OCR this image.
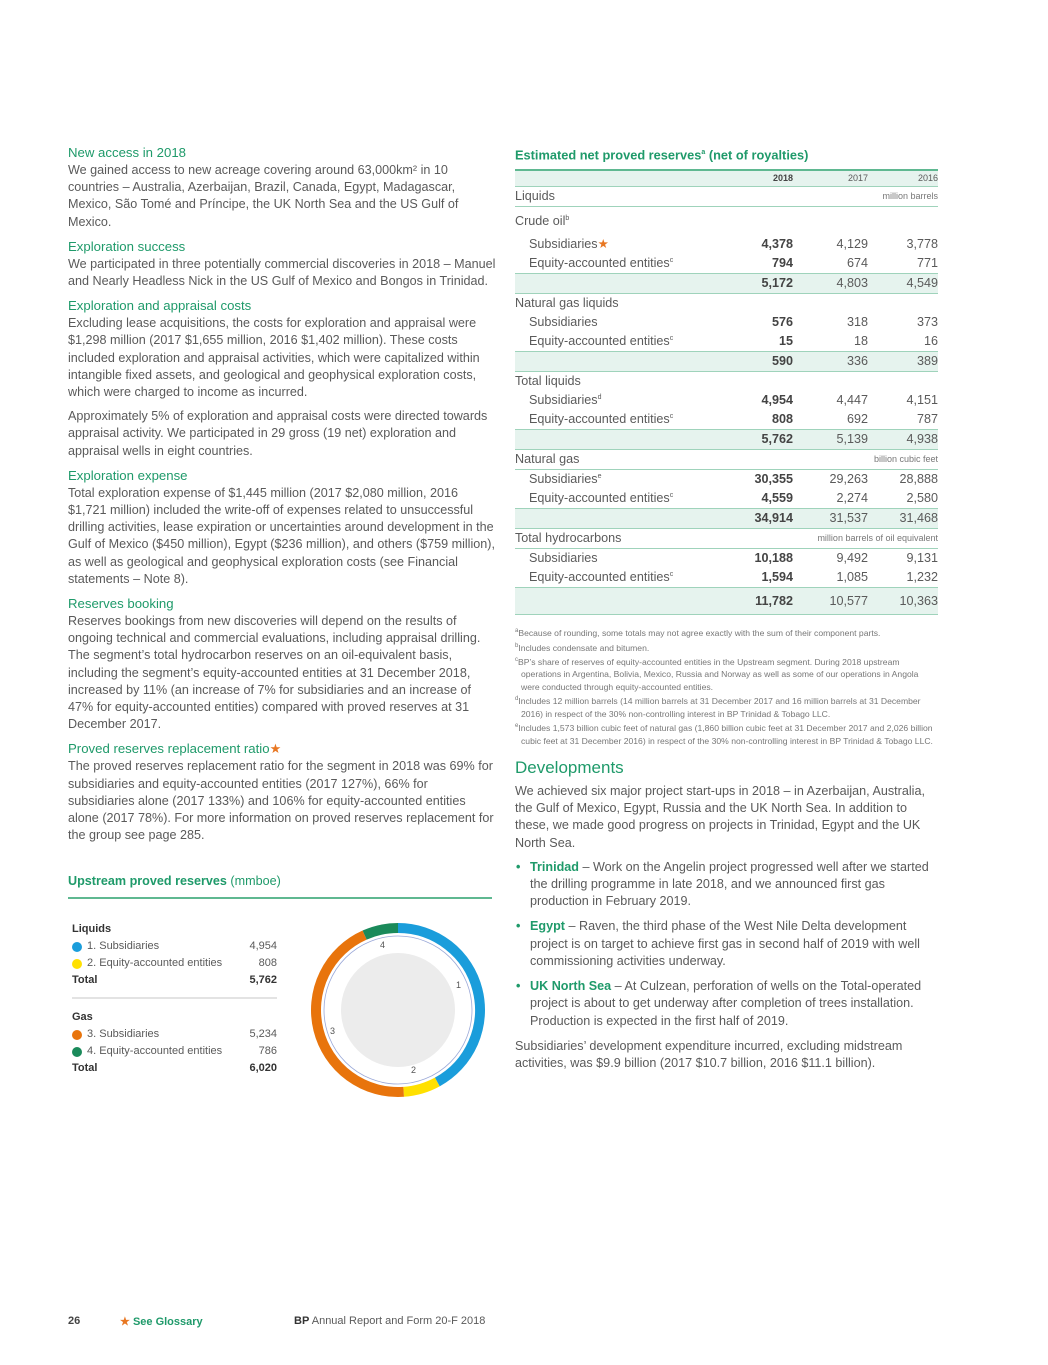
New access in 2018

We gained access to new acreage covering around 63,000km² in 10 countries – Australia, Azerbaijan, Brazil, Canada, Egypt, Madagascar, Mexico, São Tomé and Príncipe, the UK North Sea and the US Gulf of Mexico.

Exploration success

We participated in three potentially commercial discoveries in 2018 – Manuel and Nearly Headless Nick in the US Gulf of Mexico and Bongos in Trinidad.

Exploration and appraisal costs

Excluding lease acquisitions, the costs for exploration and appraisal were $1,298 million (2017 $1,655 million, 2016 $1,402 million). These costs included exploration and appraisal activities, which were capitalized within intangible fixed assets, and geological and geophysical exploration costs, which were charged to income as incurred.

Approximately 5% of exploration and appraisal costs were directed towards appraisal activity. We participated in 29 gross (19 net) exploration and appraisal wells in eight countries.

Exploration expense

Total exploration expense of $1,445 million (2017 $2,080 million, 2016 $1,721 million) included the write-off of expenses related to unsuccessful drilling activities, lease expiration or uncertainties around development in the Gulf of Mexico ($450 million), Egypt ($236 million), and others ($759 million), as well as geological and geophysical exploration costs (see Financial statements – Note 8).

Reserves booking

Reserves bookings from new discoveries will depend on the results of ongoing technical and commercial evaluations, including appraisal drilling. The segment’s total hydrocarbon reserves on an oil-equivalent basis, including the segment’s equity-accounted entities at 31 December 2018, increased by 11% (an increase of 7% for subsidiaries and an increase of 47% for equity-accounted entities) compared with proved reserves at 31 December 2017.

Proved reserves replacement ratio★

The proved reserves replacement ratio for the segment in 2018 was 69% for subsidiaries and equity-accounted entities (2017 127%), 66% for subsidiaries alone (2017 133%) and 106% for equity-accounted entities alone (2017 78%). For more information on proved reserves replacement for the group see page 285.

Upstream proved reserves (mmboe)
Liquids
1. Subsidiaries	4,954
2. Equity-accounted entities	808
Total	5,762
Gas
3. Subsidiaries	5,234
4. Equity-accounted entities	786
Total	6,020
1
2
3
4
Estimated net proved reserves$^a$ (net of royalties)
	2018	2017	2016
Liquids	million barrels		
Crude oil$^b$
Subsidiaries★	4,378	4,129	3,778
Equity-accounted entities$^c$	794	674	771
	5,172	4,803	4,549
Natural gas liquids			
Subsidiaries	576	318	373
Equity-accounted entities$^c$	15	18	16
	590	336	389
Total liquids			
Subsidiaries$^d$	4,954	4,447	4,151
Equity-accounted entities$^c$	808	692	787
	5,762	5,139	4,938
Natural gas	billion cubic feet		
Subsidiaries$^e$	30,355	29,263	28,888
Equity-accounted entities$^c$	4,559	2,274	2,580
	34,914	31,537	31,468
Total hydrocarbons	million barrels of oil equivalent		
Subsidiaries	10,188	9,492	9,131
Equity-accounted entities$^c$	1,594	1,085	1,232
	11,782	10,577	10,363

$^a$Because of rounding, some totals may not agree exactly with the sum of their component parts.

$^b$Includes condensate and bitumen.

$^c$BP’s share of reserves of equity-accounted entities in the Upstream segment. During 2018 upstream operations in Argentina, Bolivia, Mexico, Russia and Norway as well as some of our operations in Angola were conducted through equity-accounted entities.

$^d$Includes 12 million barrels (14 million barrels at 31 December 2017 and 16 million barrels at 31 December 2016) in respect of the 30% non-controlling interest in BP Trinidad & Tobago LLC.

$^e$Includes 1,573 billion cubic feet of natural gas (1,860 billion cubic feet at 31 December 2017 and 2,026 billion cubic feet at 31 December 2016) in respect of the 30% non-controlling interest in BP Trinidad & Tobago LLC.

Developments

We achieved six major project start-ups in 2018 – in Azerbaijan, Australia, the Gulf of Mexico, Egypt, Russia and the UK North Sea. In addition to these, we made good progress on projects in Trinidad, Egypt and the UK North Sea.

• Trinidad – Work on the Angelin project progressed well after we started the drilling programme in late 2018, and we announced first gas production in February 2019.
• Egypt – Raven, the third phase of the West Nile Delta development project is on target to achieve first gas in second half of 2019 with well commissioning activities underway.
• UK North Sea – At Culzean, perforation of wells on the Total-operated project is about to get underway after completion of trees installation. Production is expected in the first half of 2019.

Subsidiaries’ development expenditure incurred, excluding midstream activities, was $9.9 billion (2017 $10.7 billion, 2016 $11.1 billion).

26	★ See Glossary	BP Annual Report and Form 20-F 2018
